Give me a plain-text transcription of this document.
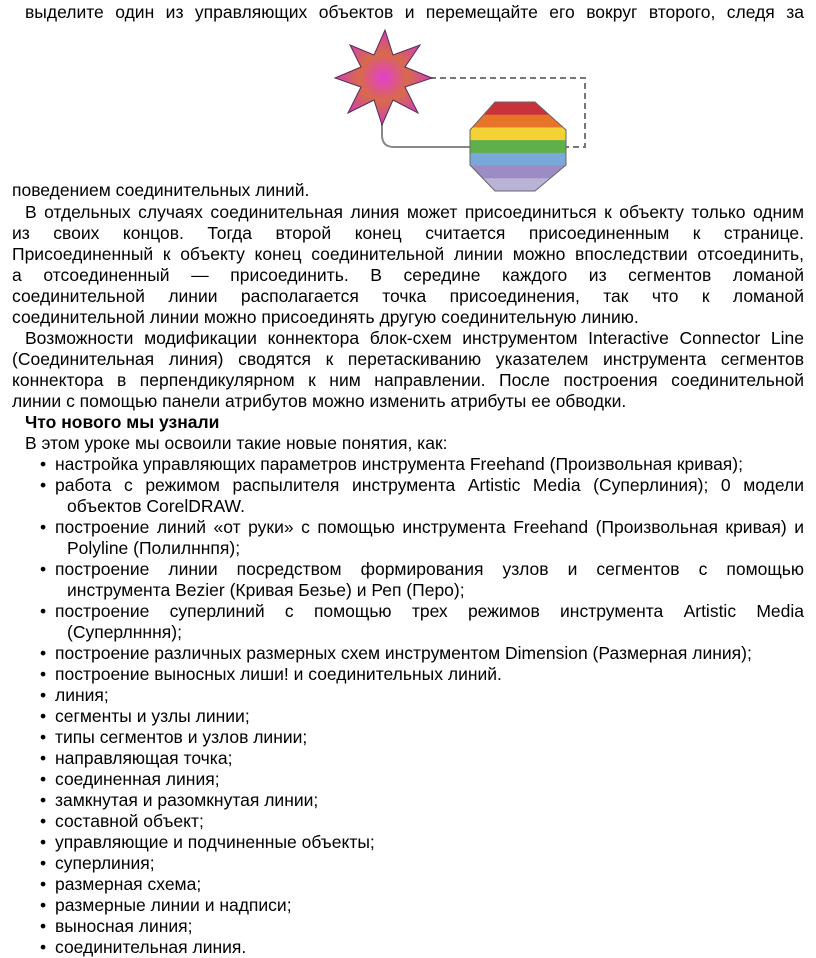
выделите один из управляющих объектов и перемещайте его вокруг второго, следя за
поведением соединительных линий.
В отдельных случаях соединительная линия может присоединиться к объекту только одним
из своих концов. Тогда второй конец считается присоединенным к странице.
Присоединенный к объекту конец соединительной линии можно впоследствии отсоединить,
а отсоединенный — присоединить. В середине каждого из сегментов ломаной
соединительной линии располагается точка присоединения, так что к ломаной
соединительной линии можно присоединять другую соединительную линию.
Возможности модификации коннектора блок-схем инструментом Interactive Connector Line
(Соединительная линия) сводятся к перетаскиванию указателем инструмента сегментов
коннектора в перпендикулярном к ним направлении. После построения соединительной
линии с помощью панели атрибутов можно изменить атрибуты ее обводки.
Что нового мы узнали
В этом уроке мы освоили такие новые понятия, как:
• настройка управляющих параметров инструмента Freehand (Произвольная кривая);
• работа с режимом распылителя инструмента Artistic Media (Суперлиния); 0 модели
объектов CorelDRAW.
• построение линий «от руки» с помощью инструмента Freehand (Произвольная кривая) и
Polyline (Полилннпя);
• построение линии посредством формирования узлов и сегментов с помощью
инструмента Bezier (Кривая Безье) и Реп (Перо);
• построение суперлиний с помощью трех режимов инструмента Artistic Media
(Суперлнння);
• построение различных размерных схем инструментом Dimension (Размерная линия);
• построение выносных лиши! и соединительных линий.
• линия;
• сегменты и узлы линии;
• типы сегментов и узлов линии;
• направляющая точка;
• соединенная линия;
• замкнутая и разомкнутая линии;
• составной объект;
• управляющие и подчиненные объекты;
• суперлиния;
• размерная схема;
• размерные линии и надписи;
• выносная линия;
• соединительная линия.
